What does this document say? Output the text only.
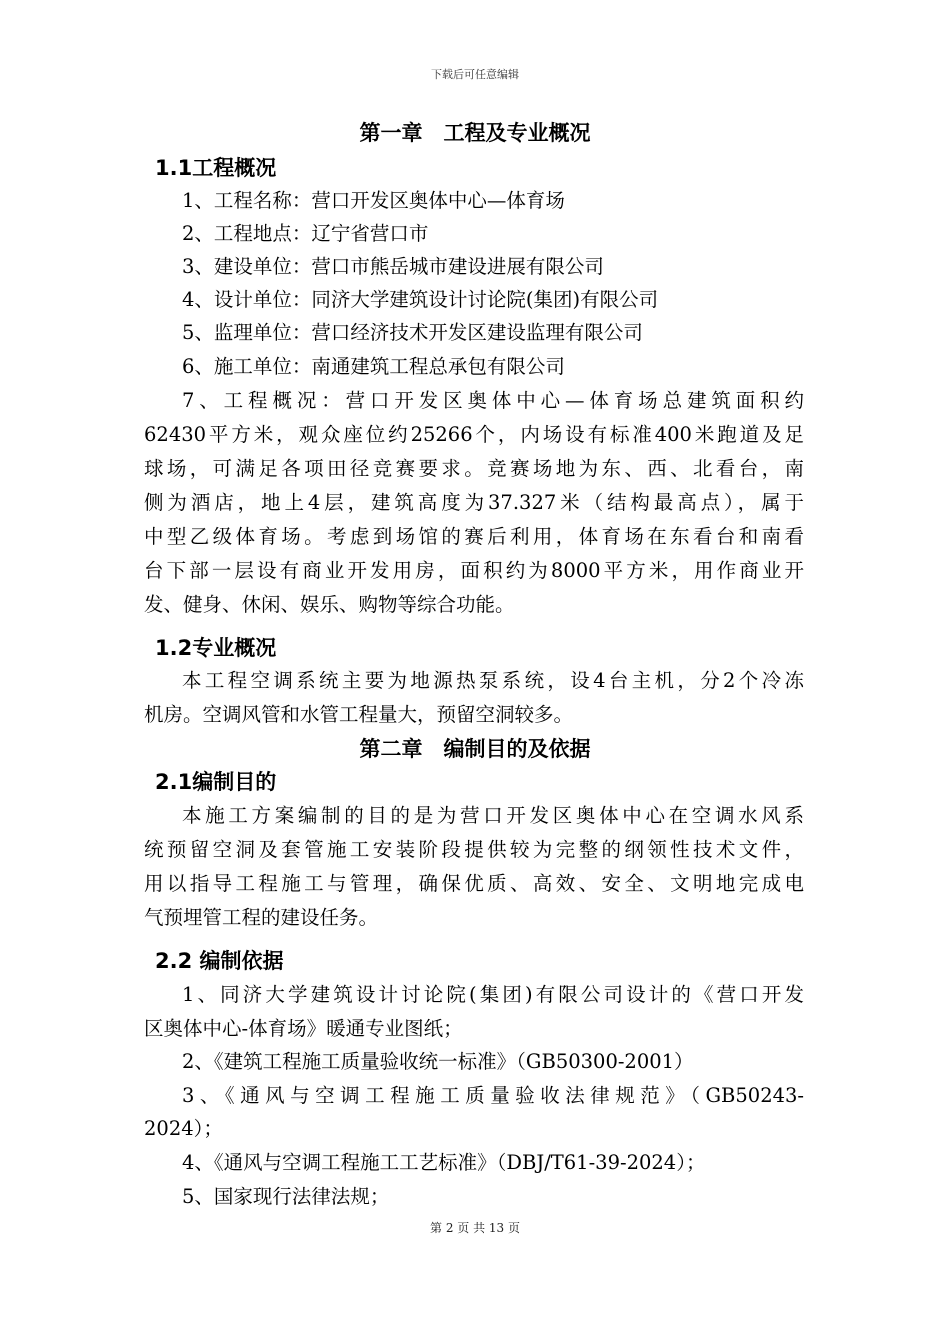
下载后可任意编辑
第一章　工程及专业概况
1.1工程概况
1、工程名称：营口开发区奥体中心—体育场
2、工程地点：辽宁省营口市
3、建设单位：营口市熊岳城市建设进展有限公司
4、设计单位：同济大学建筑设计讨论院(集团)有限公司
5、监理单位：营口经济技术开发区建设监理有限公司
6、施工单位：南通建筑工程总承包有限公司
7、工程概况：营口开发区奥体中心—体育场总建筑面积约
62430平方米，观众座位约25266个，内场设有标准400米跑道及足
球场，可满足各项田径竞赛要求。竞赛场地为东、西、北看台，南
侧为酒店，地上4层，建筑高度为37.327米（结构最高点），属于
中型乙级体育场。考虑到场馆的赛后利用，体育场在东看台和南看
台下部一层设有商业开发用房，面积约为8000平方米，用作商业开
发、健身、休闲、娱乐、购物等综合功能。
1.2专业概况
本工程空调系统主要为地源热泵系统，设4台主机，分2个冷冻
机房。空调风管和水管工程量大，预留空洞较多。
第二章　编制目的及依据
2.1编制目的
本施工方案编制的目的是为营口开发区奥体中心在空调水风系
统预留空洞及套管施工安装阶段提供较为完整的纲领性技术文件，
用以指导工程施工与管理，确保优质、高效、安全、文明地完成电
气预埋管工程的建设任务。
2.2 编制依据
1、同济大学建筑设计讨论院(集团)有限公司设计的《营口开发
区奥体中心-体育场》暖通专业图纸；
2、《建筑工程施工质量验收统一标准》（GB50300-2001）
3、《通风与空调工程施工质量验收法律规范》（GB50243-
2024）；
4、《通风与空调工程施工工艺标准》（DBJ/T61-39-2024）；
5、国家现行法律法规；
第 2 页 共 13 页
